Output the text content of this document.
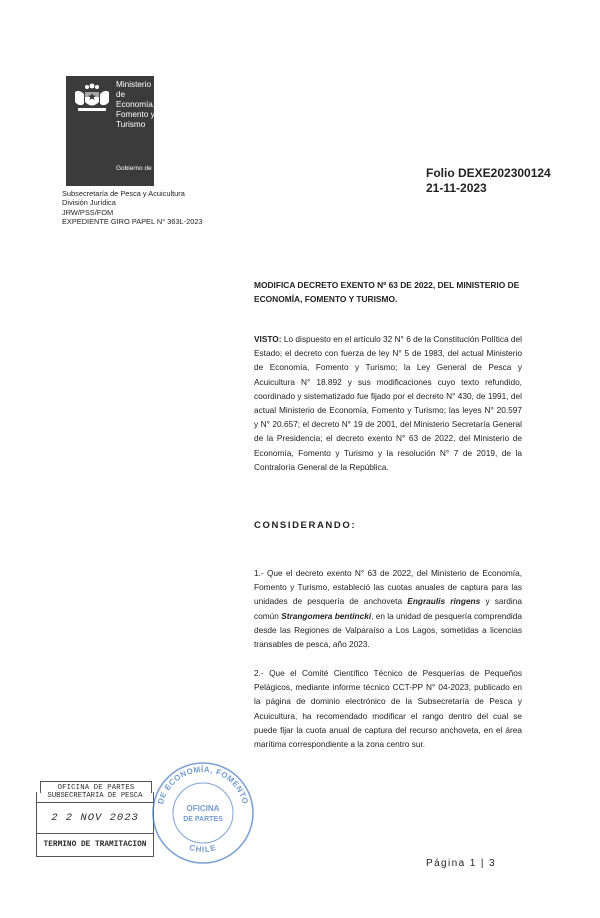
Ministerio de
Economía,
Fomento y
Turismo
Gobierno de Chile
Subsecretaría de Pesca y Acuicultura
División Jurídica
JRW/PSS/FOM
EXPEDIENTE GIRO PAPEL N° 363L-2023
Folio DEXE202300124
21-11-2023
MODIFICA DECRETO EXENTO Nº 63 DE 2022, DEL MINISTERIO DE ECONOMÍA, FOMENTO Y TURISMO.
VISTO: Lo dispuesto en el artículo 32 N° 6 de la Constitución Política del Estado; el decreto con fuerza de ley N° 5 de 1983, del actual Ministerio de Economía, Fomento y Turismo; la Ley General de Pesca y Acuicultura N° 18.892 y sus modificaciones cuyo texto refundido, coordinado y sistematizado fue fijado por el decreto N° 430, de 1991, del actual Ministerio de Economía, Fomento y Turismo; las leyes N° 20.597 y N° 20.657; el decreto N° 19 de 2001, del Ministerio Secretaría General de la Presidencia; el decreto exento N° 63 de 2022, del Ministerio de Economía, Fomento y Turismo y la resolución N° 7 de 2019, de la Contraloría General de la República.
CONSIDERANDO:
1.- Que el decreto exento N° 63 de 2022, del Ministerio de Economía, Fomento y Turismo, estableció las cuotas anuales de captura para las unidades de pesquería de anchoveta Engraulis ringens y sardina común Strangomera bentincki, en la unidad de pesquería comprendida desde las Regiones de Valparaíso a Los Lagos, sometidas a licencias transables de pesca, año 2023.
2.- Que el Comité Científico Técnico de Pesquerías de Pequeños Pelágicos, mediante informe técnico CCT-PP N° 04-2023, publicado en la página de dominio electrónico de la Subsecretaría de Pesca y Acuicultura, ha recomendado modificar el rango dentro del cual se puede fijar la cuota anual de captura del recurso anchoveta, en el área marítima correspondiente a la zona centro sur.
OFICINA DE PARTES
SUBSECRETARIA DE PESCA
2 2 NOV 2023
TERMINO DE TRAMITACION
DE ECONOMÍA, FOMENTO
CHILE
OFICINA
DE PARTES
Página 1 | 3
